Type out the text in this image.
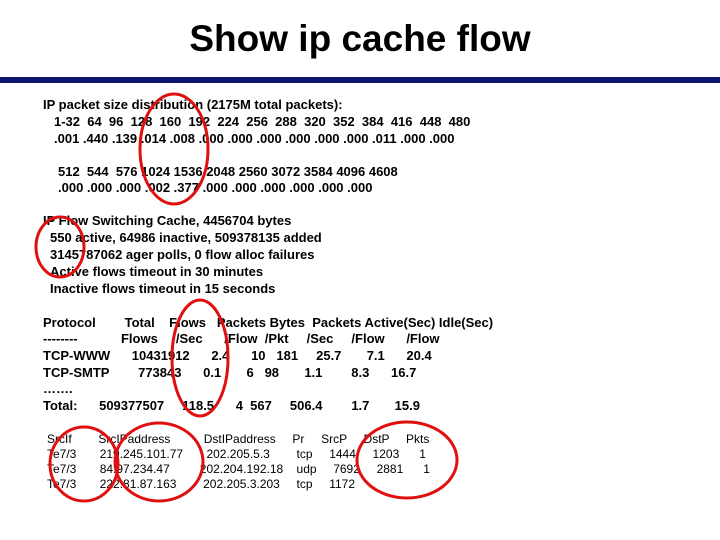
Show ip cache flow
IP packet size distribution (2175M total packets):
1-32  64  96  128  160  192  224  256  288  320  352  384  416  448  480
.001 .440 .139 .014 .008 .000 .000 .000 .000 .000 .000 .011 .000 .000
512  544  576 1024 1536 2048 2560 3072 3584 4096 4608
.000 .000 .000 .002 .377 .000 .000 .000 .000 .000 .000
IP Flow Switching Cache, 4456704 bytes
550 active, 64986 inactive, 509378135 added
3145787062 ager polls, 0 flow alloc failures
Active flows timeout in 30 minutes
Inactive flows timeout in 15 seconds
Protocol        Total    Flows   Packets Bytes  Packets Active(Sec) Idle(Sec)
--------            Flows     /Sec      /Flow  /Pkt     /Sec     /Flow      /Flow
TCP-WWW      10431912      2.4      10   181     25.7       7.1      20.4
TCP-SMTP        773843      0.1       6   98       1.1        8.3      16.7
…….
Total:      509377507     118.5      4  567     506.4        1.7       15.9
SrcIf        SrcIPaddress          DstIPaddress     Pr     SrcP     DstP     Pkts
Te7/3       219.245.101.77       202.205.5.3        tcp     1444     1203      1
Te7/3       84.97.234.47         202.204.192.18    udp     7692     2881      1
Te7/3       222.81.87.163        202.205.3.203     tcp     1172
